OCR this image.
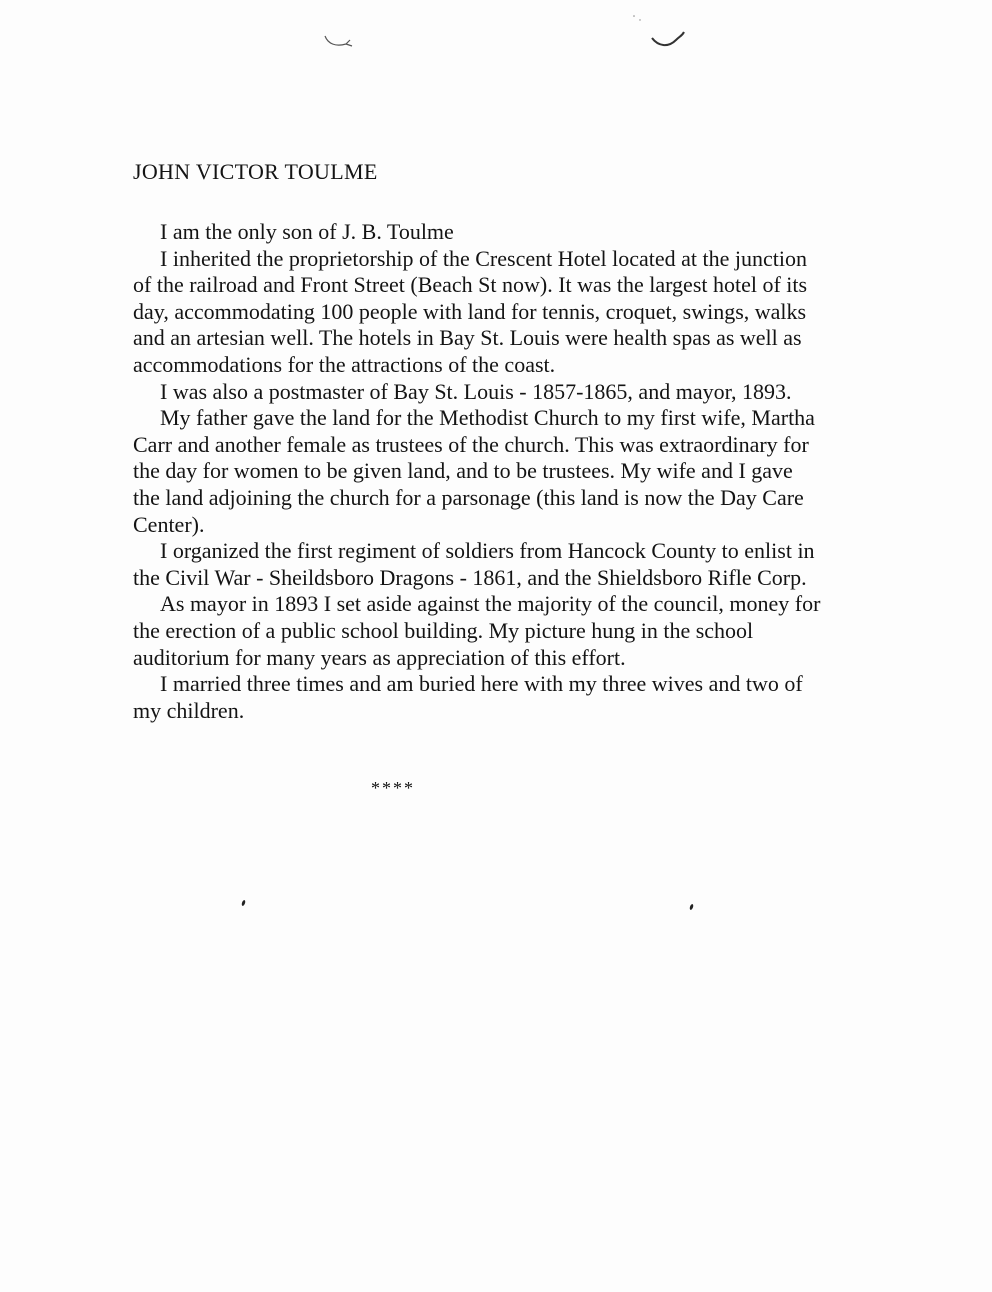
JOHN VICTOR TOULME
I am the only son of J. B. Toulme
I inherited the proprietorship of the Crescent Hotel located at the junction
of the railroad and Front Street (Beach St now). It was the largest hotel of its
day, accommodating 100 people with land for tennis, croquet, swings, walks
and an artesian well. The hotels in Bay St. Louis were health spas as well as
accommodations for the attractions of the coast.
I was also a postmaster of Bay St. Louis - 1857-1865, and mayor, 1893.
My father gave the land for the Methodist Church to my first wife, Martha
Carr and another female as trustees of the church. This was extraordinary for
the day for women to be given land, and to be trustees. My wife and I gave
the land adjoining the church for a parsonage (this land is now the Day Care
Center).
I organized the first regiment of soldiers from Hancock County to enlist in
the Civil War - Sheildsboro Dragons - 1861, and the Shieldsboro Rifle Corp.
As mayor in 1893 I set aside against the majority of the council, money for
the erection of a public school building. My picture hung in the school
auditorium for many years as appreciation of this effort.
I married three times and am buried here with my three wives and two of
my children.
****
